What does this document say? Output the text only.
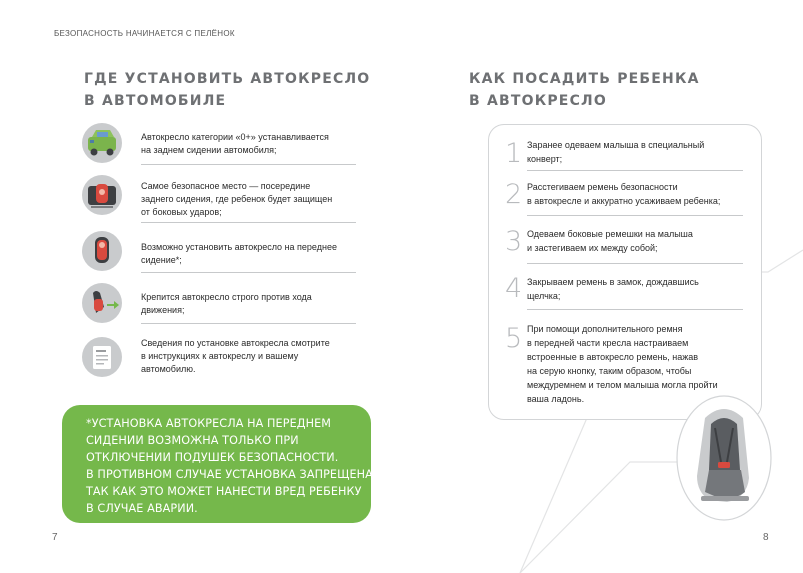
БЕЗОПАСНОСТЬ НАЧИНАЕТСЯ С ПЕЛЁНОК
ГДЕ УСТАНОВИТЬ АВТОКРЕСЛО
В АВТОМОБИЛЕ
Автокресло категории «0+» устанавливается
на заднем сидении автомобиля;
Самое безопасное место — посередине
заднего сидения, где ребенок будет защищен
от боковых ударов;
Возможно установить автокресло на переднее
сидение*;
Крепится автокресло строго против хода
движения;
Сведения по установке автокресла смотрите
в инструкциях к автокреслу и вашему
автомобилю.
*УСТАНОВКА АВТОКРЕСЛА НА ПЕРЕДНЕМ
СИДЕНИИ ВОЗМОЖНА ТОЛЬКО ПРИ
ОТКЛЮЧЕНИИ ПОДУШЕК БЕЗОПАСНОСТИ.
В ПРОТИВНОМ СЛУЧАЕ УСТАНОВКА ЗАПРЕЩЕНА,
ТАК КАК ЭТО МОЖЕТ НАНЕСТИ ВРЕД РЕБЕНКУ
В СЛУЧАЕ АВАРИИ.
7
КАК ПОСАДИТЬ РЕБЕНКА
В АВТОКРЕСЛО
1 Заранее одеваем малыша в специальный
конверт;
2 Расстегиваем ремень безопасности
в автокресле и аккуратно усаживаем ребенка;
3 Одеваем боковые ремешки на малыша
и застегиваем их между собой;
4 Закрываем ремень в замок, дождавшись
щелчка;
5 При помощи дополнительного ремня
в передней части кресла настраиваем
встроенные в автокресло ремень, нажав
на серую кнопку, таким образом, чтобы
междуремнем и телом малыша могла пройти
ваша ладонь.
8
